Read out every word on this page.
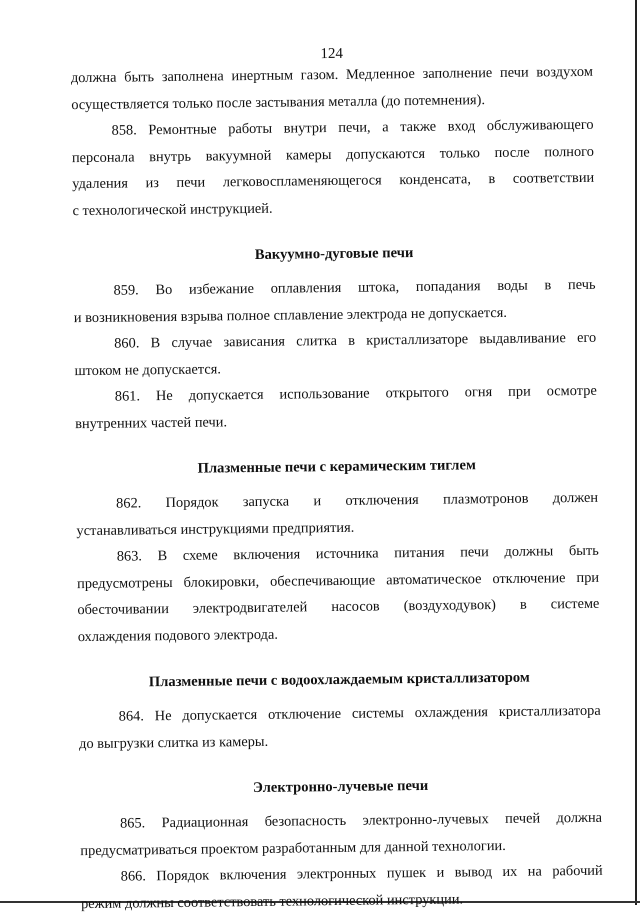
124
должна быть заполнена инертным газом. Медленное заполнение печи воздухом
осуществляется только после застывания металла (до потемнения).
858. Ремонтные работы внутри печи, а также вход обслуживающего
персонала внутрь вакуумной камеры допускаются только после полного
удаления из печи легковоспламеняющегося конденсата, в соответствии
с технологической инструкцией.
Вакуумно-дуговые печи
859. Во избежание оплавления штока, попадания воды в печь
и возникновения взрыва полное сплавление электрода не допускается.
860. В случае зависания слитка в кристаллизаторе выдавливание его
штоком не допускается.
861. Не допускается использование открытого огня при осмотре
внутренних частей печи.
Плазменные печи с керамическим тиглем
862. Порядок запуска и отключения плазмотронов должен
устанавливаться инструкциями предприятия.
863. В схеме включения источника питания печи должны быть
предусмотрены блокировки, обеспечивающие автоматическое отключение при
обесточивании электродвигателей насосов (воздуходувок) в системе
охлаждения подового электрода.
Плазменные печи с водоохлаждаемым кристаллизатором
864. Не допускается отключение системы охлаждения кристаллизатора
до выгрузки слитка из камеры.
Электронно-лучевые печи
865. Радиационная безопасность электронно-лучевых печей должна
предусматриваться проектом разработанным для данной технологии.
866. Порядок включения электронных пушек и вывод их на рабочий
режим должны соответствовать технологической инструкции.
